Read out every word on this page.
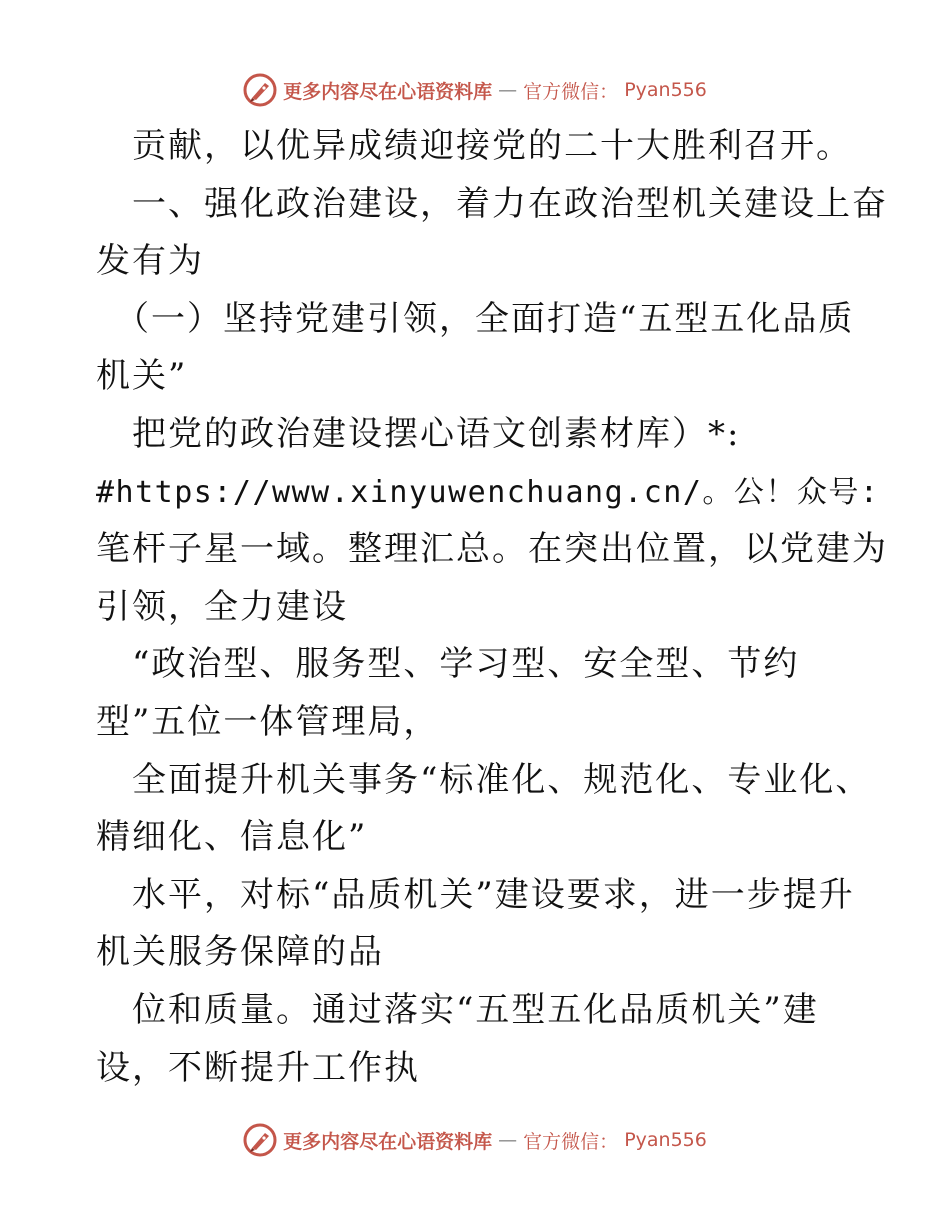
更多内容尽在心语资料库 — 官方微信： Pyan556
　贡献，以优异成绩迎接党的二十大胜利召开。
　一、强化政治建设，着力在政治型机关建设上奋
发有为
　（一）坚持党建引领，全面打造“五型五化品质
机关”
　把党的政治建设摆心语文创素材库）*:
#https://www.xinyuwenchuang.cn/。公！众号:
笔杆子星一域。整理汇总。在突出位置，以党建为
引领，全力建设
　“政治型、服务型、学习型、安全型、节约
型”五位一体管理局，
　全面提升机关事务“标准化、规范化、专业化、
精细化、信息化”
　水平，对标“品质机关”建设要求，进一步提升
机关服务保障的品
　位和质量。通过落实“五型五化品质机关”建
设，不断提升工作执
更多内容尽在心语资料库 — 官方微信： Pyan556
